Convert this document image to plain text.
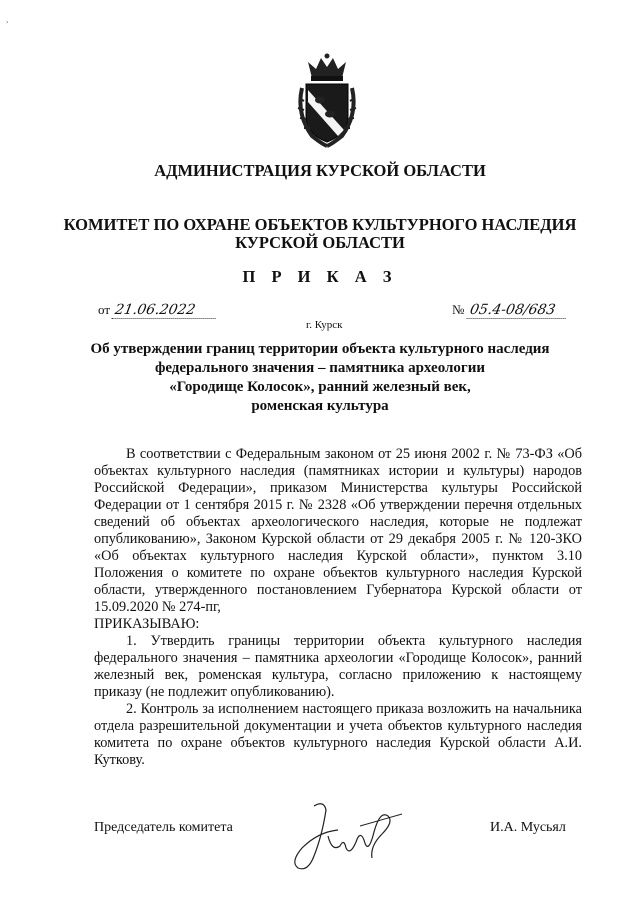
›
АДМИНИСТРАЦИЯ КУРСКОЙ ОБЛАСТИ
КОМИТЕТ ПО ОХРАНЕ ОБЪЕКТОВ КУЛЬТУРНОГО НАСЛЕДИЯ
КУРСКОЙ ОБЛАСТИ
П Р И К А З
от 21.06.2022	№ 05.4-08/683
г. Курск
Об утверждении границ территории объекта культурного наследия
федерального значения – памятника археологии
«Городище Колосок», ранний железный век,
роменская культура

В соответствии с Федеральным законом от 25 июня 2002 г. № 73-ФЗ «Об объектах культурного наследия (памятниках истории и культуры) народов Российской Федерации», приказом Министерства культуры Российской Федерации от 1 сентября 2015 г. № 2328 «Об утверждении перечня отдельных сведений об объектах археологического наследия, которые не подлежат опубликованию», Законом Курской области от 29 декабря 2005 г. № 120-ЗКО «Об объектах культурного наследия Курской области», пунктом 3.10 Положения о комитете по охране объектов культурного наследия Курской области, утвержденного постановлением Губернатора Курской области от 15.09.2020 № 274-пг,

ПРИКАЗЫВАЮ:

1. Утвердить границы территории объекта культурного наследия федерального значения – памятника археологии «Городище Колосок», ранний железный век, роменская культура, согласно приложению к настоящему приказу (не подлежит опубликованию).

2. Контроль за исполнением настоящего приказа возложить на начальника отдела разрешительной документации и учета объектов культурного наследия комитета по охране объектов культурного наследия Курской области А.И. Куткову.

Председатель комитета	И.А. Мусьял
